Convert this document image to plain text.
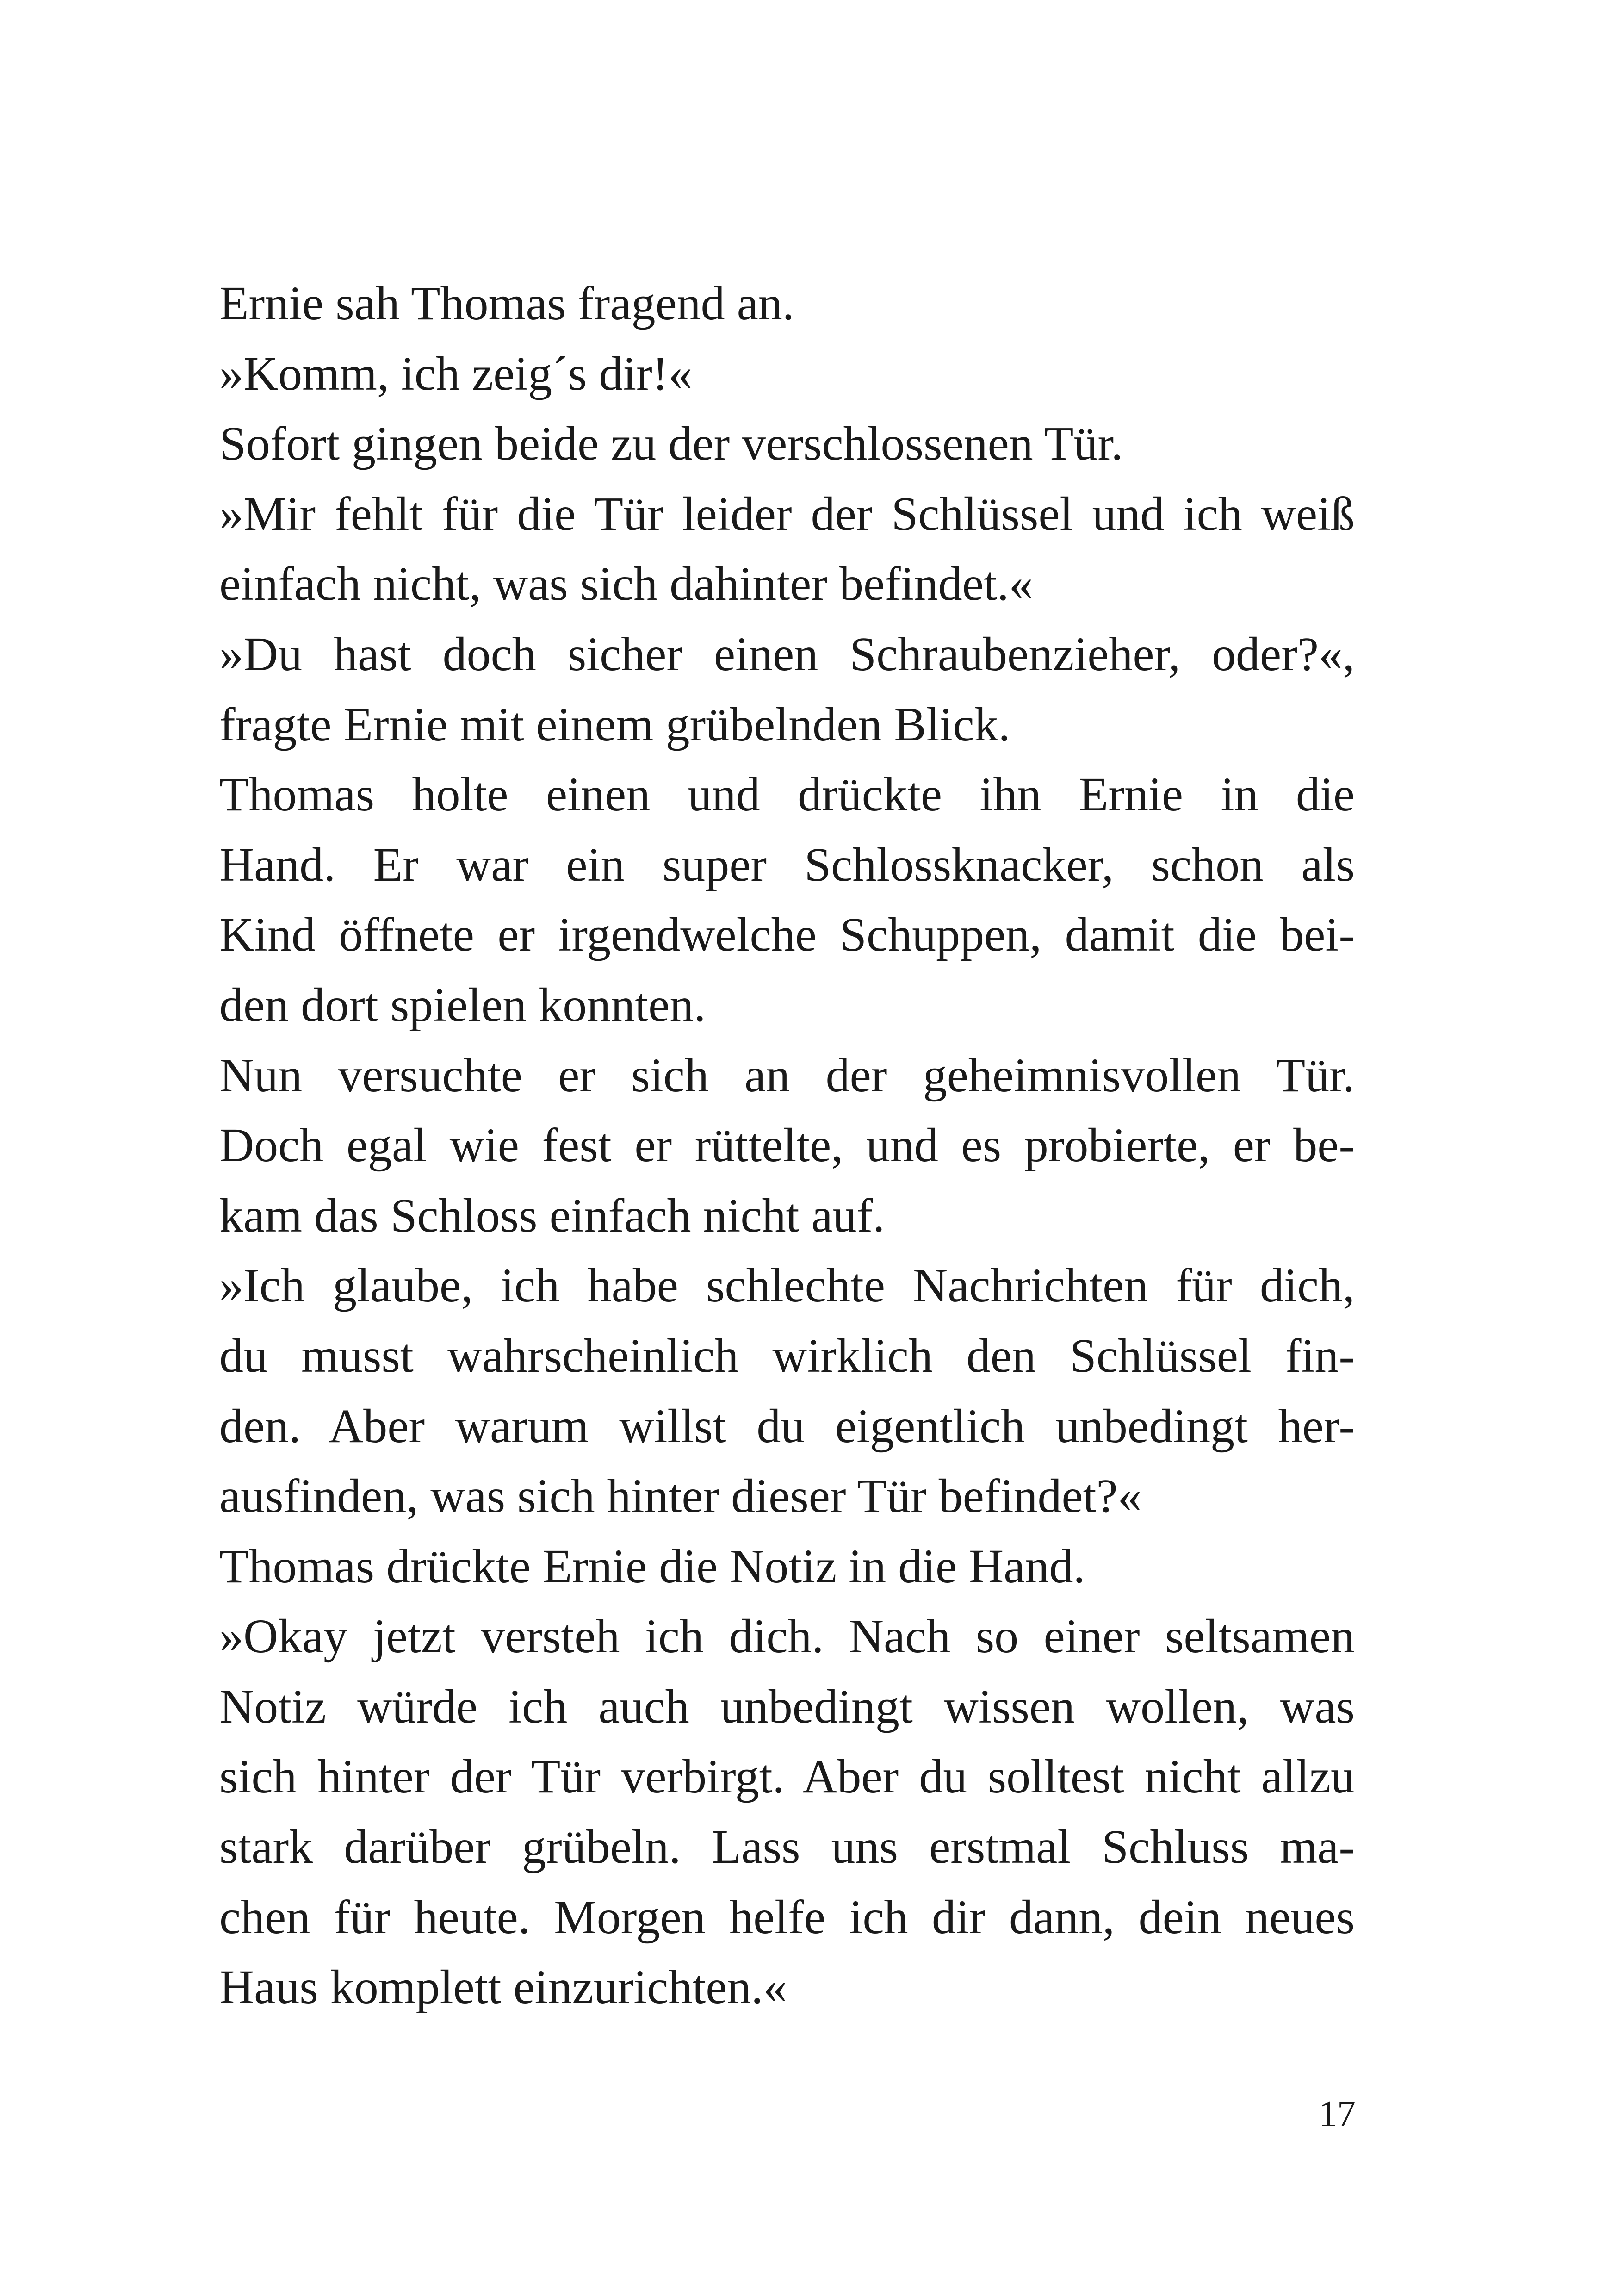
Ernie sah Thomas fragend an.
»Komm, ich zeig´s dir!«
Sofort gingen beide zu der verschlossenen Tür.
»Mir fehlt für die Tür leider der Schlüssel und ich weiß
einfach nicht, was sich dahinter befindet.«
»Du hast doch sicher einen Schraubenzieher, oder?«,
fragte Ernie mit einem grübelnden Blick.
Thomas holte einen und drückte ihn Ernie in die
Hand. Er war ein super Schlossknacker, schon als
Kind öffnete er irgendwelche Schuppen, damit die bei-
den dort spielen konnten.
Nun versuchte er sich an der geheimnisvollen Tür.
Doch egal wie fest er rüttelte, und es probierte, er be-
kam das Schloss einfach nicht auf.
»Ich glaube, ich habe schlechte Nachrichten für dich,
du musst wahrscheinlich wirklich den Schlüssel fin-
den. Aber warum willst du eigentlich unbedingt her-
ausfinden, was sich hinter dieser Tür befindet?«
Thomas drückte Ernie die Notiz in die Hand.
»Okay jetzt versteh ich dich. Nach so einer seltsamen
Notiz würde ich auch unbedingt wissen wollen, was
sich hinter der Tür verbirgt. Aber du solltest nicht allzu
stark darüber grübeln. Lass uns erstmal Schluss ma-
chen für heute. Morgen helfe ich dir dann, dein neues
Haus komplett einzurichten.«
17
